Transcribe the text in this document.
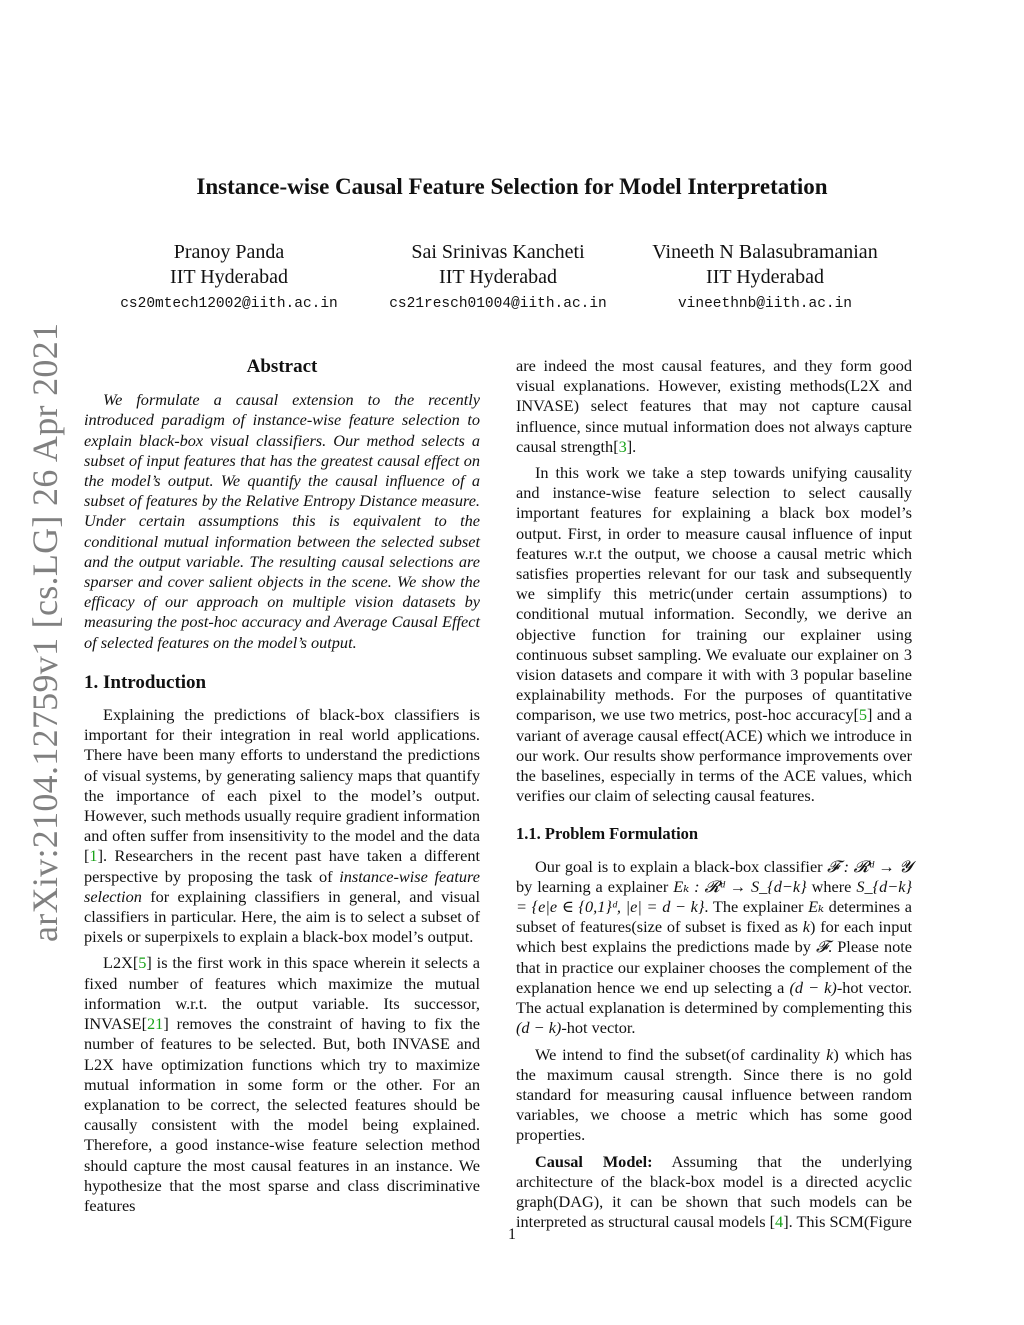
arXiv:2104.12759v1 [cs.LG] 26 Apr 2021
Instance-wise Causal Feature Selection for Model Interpretation
Pranoy Panda
IIT Hyderabad
cs20mtech12002@iith.ac.in
Sai Srinivas Kancheti
IIT Hyderabad
cs21resch01004@iith.ac.in
Vineeth N Balasubramanian
IIT Hyderabad
vineethnb@iith.ac.in
Abstract

We formulate a causal extension to the recently introduced paradigm of instance-wise feature selection to explain black-box visual classifiers. Our method selects a subset of input features that has the greatest causal effect on the model’s output. We quantify the causal influence of a subset of features by the Relative Entropy Distance measure. Under certain assumptions this is equivalent to the conditional mutual information between the selected subset and the output variable. The resulting causal selections are sparser and cover salient objects in the scene. We show the efficacy of our approach on multiple vision datasets by measuring the post-hoc accuracy and Average Causal Effect of selected features on the model’s output.

1. Introduction

Explaining the predictions of black-box classifiers is important for their integration in real world applications. There have been many efforts to understand the predictions of visual systems, by generating saliency maps that quantify the importance of each pixel to the model’s output. However, such methods usually require gradient information and often suffer from insensitivity to the model and the data [1]. Researchers in the recent past have taken a different perspective by proposing the task of instance-wise feature selection for explaining classifiers in general, and visual classifiers in particular. Here, the aim is to select a subset of pixels or superpixels to explain a black-box model’s output.

L2X[5] is the first work in this space wherein it selects a fixed number of features which maximize the mutual information w.r.t. the output variable. Its successor, INVASE[21] removes the constraint of having to fix the number of features to be selected. But, both INVASE and L2X have optimization functions which try to maximize mutual information in some form or the other. For an explanation to be correct, the selected features should be causally consistent with the model being explained. Therefore, a good instance-wise feature selection method should capture the most causal features in an instance. We hypothesize that the most sparse and class discriminative features

are indeed the most causal features, and they form good visual explanations. However, existing methods(L2X and INVASE) select features that may not capture causal influence, since mutual information does not always capture causal strength[3].

In this work we take a step towards unifying causality and instance-wise feature selection to select causally important features for explaining a black box model’s output. First, in order to measure causal influence of input features w.r.t the output, we choose a causal metric which satisfies properties relevant for our task and subsequently we simplify this metric(under certain assumptions) to conditional mutual information. Secondly, we derive an objective function for training our explainer using continuous subset sampling. We evaluate our explainer on 3 vision datasets and compare it with with 3 popular baseline explainability methods. For the purposes of quantitative comparison, we use two metrics, post-hoc accuracy[5] and a variant of average causal effect(ACE) which we introduce in our work. Our results show performance improvements over the baselines, especially in terms of the ACE values, which verifies our claim of selecting causal features.

1.1. Problem Formulation

Our goal is to explain a black-box classifier 𝓕 : 𝓡ᵈ → 𝓨 by learning a explainer Eₖ : 𝓡ᵈ → S_{d−k} where S_{d−k} = {e|e ∈ {0,1}ᵈ, |e| = d − k}. The explainer Eₖ determines a subset of features(size of subset is fixed as k) for each input which best explains the predictions made by 𝓕. Please note that in practice our explainer chooses the complement of the explanation hence we end up selecting a (d − k)-hot vector. The actual explanation is determined by complementing this (d − k)-hot vector.

We intend to find the subset(of cardinality k) which has the maximum causal strength. Since there is no gold standard for measuring causal influence between random variables, we choose a metric which has some good properties.

Causal Model: Assuming that the underlying architecture of the black-box model is a directed acyclic graph(DAG), it can be shown that such models can be interpreted as structural causal models [4]. This SCM(Figure

1
